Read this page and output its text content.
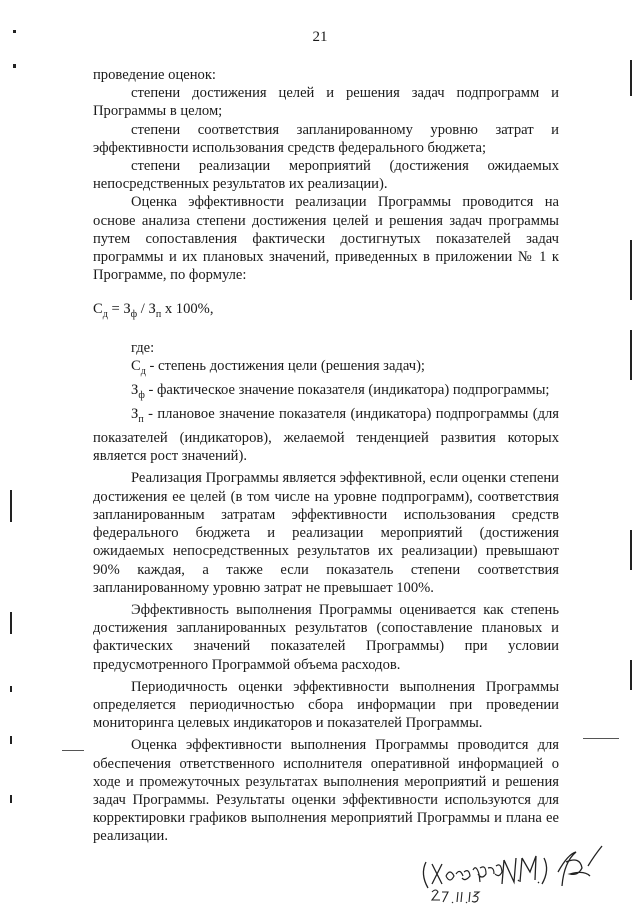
21

проведение оценок:

степени достижения целей и решения задач подпрограмм и Программы в целом;

степени соответствия запланированному уровню затрат и эффективности использования средств федерального бюджета;

степени реализации мероприятий (достижения ожидаемых непосредственных результатов их реализации).

Оценка эффективности реализации Программы проводится на основе анализа степени достижения целей и решения задач программы путем сопоставления фактически достигнутых показателей задач программы и их плановых значений, приведенных в приложении № 1 к Программе, по формуле:

$С_д = З_ф / З_п$ х 100%,

где:

$С_д$ - степень достижения цели (решения задач);

$З_ф$ - фактическое значение показателя (индикатора) подпрограммы;

$З_п$ - плановое значение показателя (индикатора) подпрограммы (для показателей (индикаторов), желаемой тенденцией развития которых является рост значений).

Реализация Программы является эффективной, если оценки степени достижения ее целей (в том числе на уровне подпрограмм), соответствия запланированным затратам эффективности использования средств федерального бюджета и реализации мероприятий (достижения ожидаемых непосредственных результатов их реализации) превышают 90% каждая, а также если показатель степени соответствия запланированному уровню затрат не превышает 100%.

Эффективность выполнения Программы оценивается как степень достижения запланированных результатов (сопоставление плановых и фактических значений показателей Программы) при условии предусмотренного Программой объема расходов.

Периодичность оценки эффективности выполнения Программы определяется периодичностью сбора информации при проведении мониторинга целевых индикаторов и показателей Программы.

Оценка эффективности выполнения Программы проводится для обеспечения ответственного исполнителя оперативной информацией о ходе и промежуточных результатах выполнения мероприятий и решения задач Программы. Результаты оценки эффективности используются для корректировки графиков выполнения мероприятий Программы и плана ее реализации.
